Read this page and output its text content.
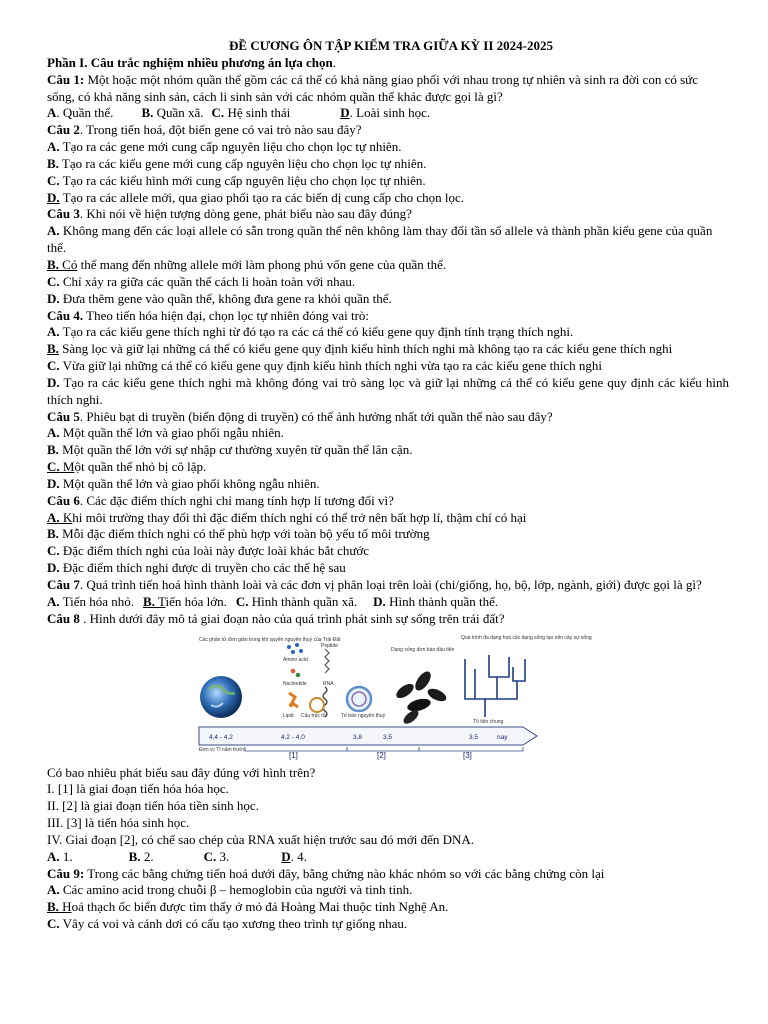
ĐỀ CƯƠNG ÔN TẬP KIỂM TRA GIỮA KỲ II 2024-2025

Phần I. Câu trắc nghiệm nhiều phương án lựa chọn.

Câu 1: Một hoặc một nhóm quần thể gồm các cá thể có khả năng giao phối với nhau trong tự nhiên và sinh ra đời con có sức sống, có khả năng sinh sản, cách li sinh sản với các nhóm quần thể khác được gọi là gì?

A. Quần thể. B. Quần xã. C. Hệ sinh thái	D. Loài sinh học.

Câu 2. Trong tiến hoá, đột biến gene có vai trò nào sau đây?

A. Tạo ra các gene mới cung cấp nguyên liệu cho chọn lọc tự nhiên.

B. Tạo ra các kiểu gene mới cung cấp nguyên liệu cho chọn lọc tự nhiên.

C. Tạo ra các kiểu hình mới cung cấp nguyên liệu cho chọn lọc tự nhiên.

D. Tạo ra các allele mới, qua giao phối tạo ra các biến dị cung cấp cho chọn lọc.

Câu 3. Khi nói về hiện tượng dòng gene, phát biểu nào sau đây đúng?

A. Không mang đến các loại allele có sẵn trong quần thể nên không làm thay đổi tần số allele và thành phần kiểu gene của quần thể.

B. Có thể mang đến những allele mới làm phong phú vốn gene của quần thể.

C. Chỉ xảy ra giữa các quần thể cách li hoàn toàn với nhau.

D. Đưa thêm gene vào quần thể, không đưa gene ra khỏi quần thể.

Câu 4. Theo tiến hóa hiện đại, chọn lọc tự nhiên đóng vai trò:

A. Tạo ra các kiểu gene thích nghi từ đó tạo ra các cá thể có kiểu gene quy định tính trạng thích nghi.

B. Sàng lọc và giữ lại những cá thể có kiểu gene quy định kiểu hình thích nghi mà không tạo ra các kiểu gene thích nghi

C. Vừa giữ lại những cá thể có kiểu gene quy định kiểu hình thích nghi vừa tạo ra các kiểu gene thích nghi

D. Tạo ra các kiểu gene thích nghi mà không đóng vai trò sàng lọc và giữ lại những cá thể có kiểu gene quy định các kiểu hình thích nghi.

Câu 5. Phiêu bạt di truyền (biến động di truyền) có thể ảnh hưởng nhất tới quần thể nào sau đây?

A. Một quần thể lớn và giao phối ngẫu nhiên.

B. Một quần thể lớn với sự nhập cư thường xuyên từ quần thể lân cận.

C. Một quần thể nhỏ bị cô lập.

D. Một quần thể lớn và giao phối không ngẫu nhiên.

Câu 6. Các đặc điểm thích nghi chỉ mang tính hợp lí tương đối vì?

A. Khi môi trường thay đổi thì đặc điểm thích nghi có thể trở nên bất hợp lí, thậm chí có hại

B. Mỗi đặc điểm thích nghi có thể phù hợp với toàn bộ yếu tố môi trường

C. Đặc điểm thích nghi của loài này được loài khác bắt chước

D. Đặc điểm thích nghi được di truyền cho các thế hệ sau

Câu 7. Quá trình tiến hoá hình thành loài và các đơn vị phân loại trên loài (chi/giống, họ, bộ, lớp, ngành, giới) được gọi là gì?

A. Tiến hóa nhỏ. B. Tiến hóa lớn. C. Hình thành quần xã. D. Hình thành quần thể.

Câu 8 . Hình dưới đây mô tả giai đoạn nào của quá trình phát sinh sự sống trên trái đất?

Các phân tử đơn giản trong khí quyển nguyên thuỷ của Trái Đất
Amino acid
Peptide
Nucleotide	RNA
Lipid Cấu trúc tổ	Tế bào nguyên thuỷ
Dạng sống đơn bào đầu tiên
Quá trình đa dạng hoá các dạng sống tạo nên cây sự sống
Tổ tiên chung
4,4 - 4,2	4,2 - 4,0	3,8	3,5	3,5	nay
Đơn vị: Tỉ năm trước
[1]	[2]	[3]

Có bao nhiêu phát biểu sau đây đúng với hình trên?

I. [1] là giai đoạn tiến hóa hóa học.

II. [2] là giai đoạn tiến hóa tiền sinh học.

III. [3] là tiến hóa sinh học.

IV. Giai đoạn [2], có chế sao chép của RNA xuất hiện trước sau đó mới đến DNA.

A. 1.	B. 2.	C. 3.	D. 4.

Câu 9: Trong các bằng chứng tiến hoá dưới đây, bằng chứng nào khác nhóm so với các bằng chứng còn lại

A. Các amino acid trong chuỗi β – hemoglobin của người và tinh tinh.

B. Hoá thạch ốc biển được tìm thấy ở mỏ đá Hoàng Mai thuộc tỉnh Nghệ An.

C. Vây cá voi và cánh dơi có cấu tạo xương theo trình tự giống nhau.
